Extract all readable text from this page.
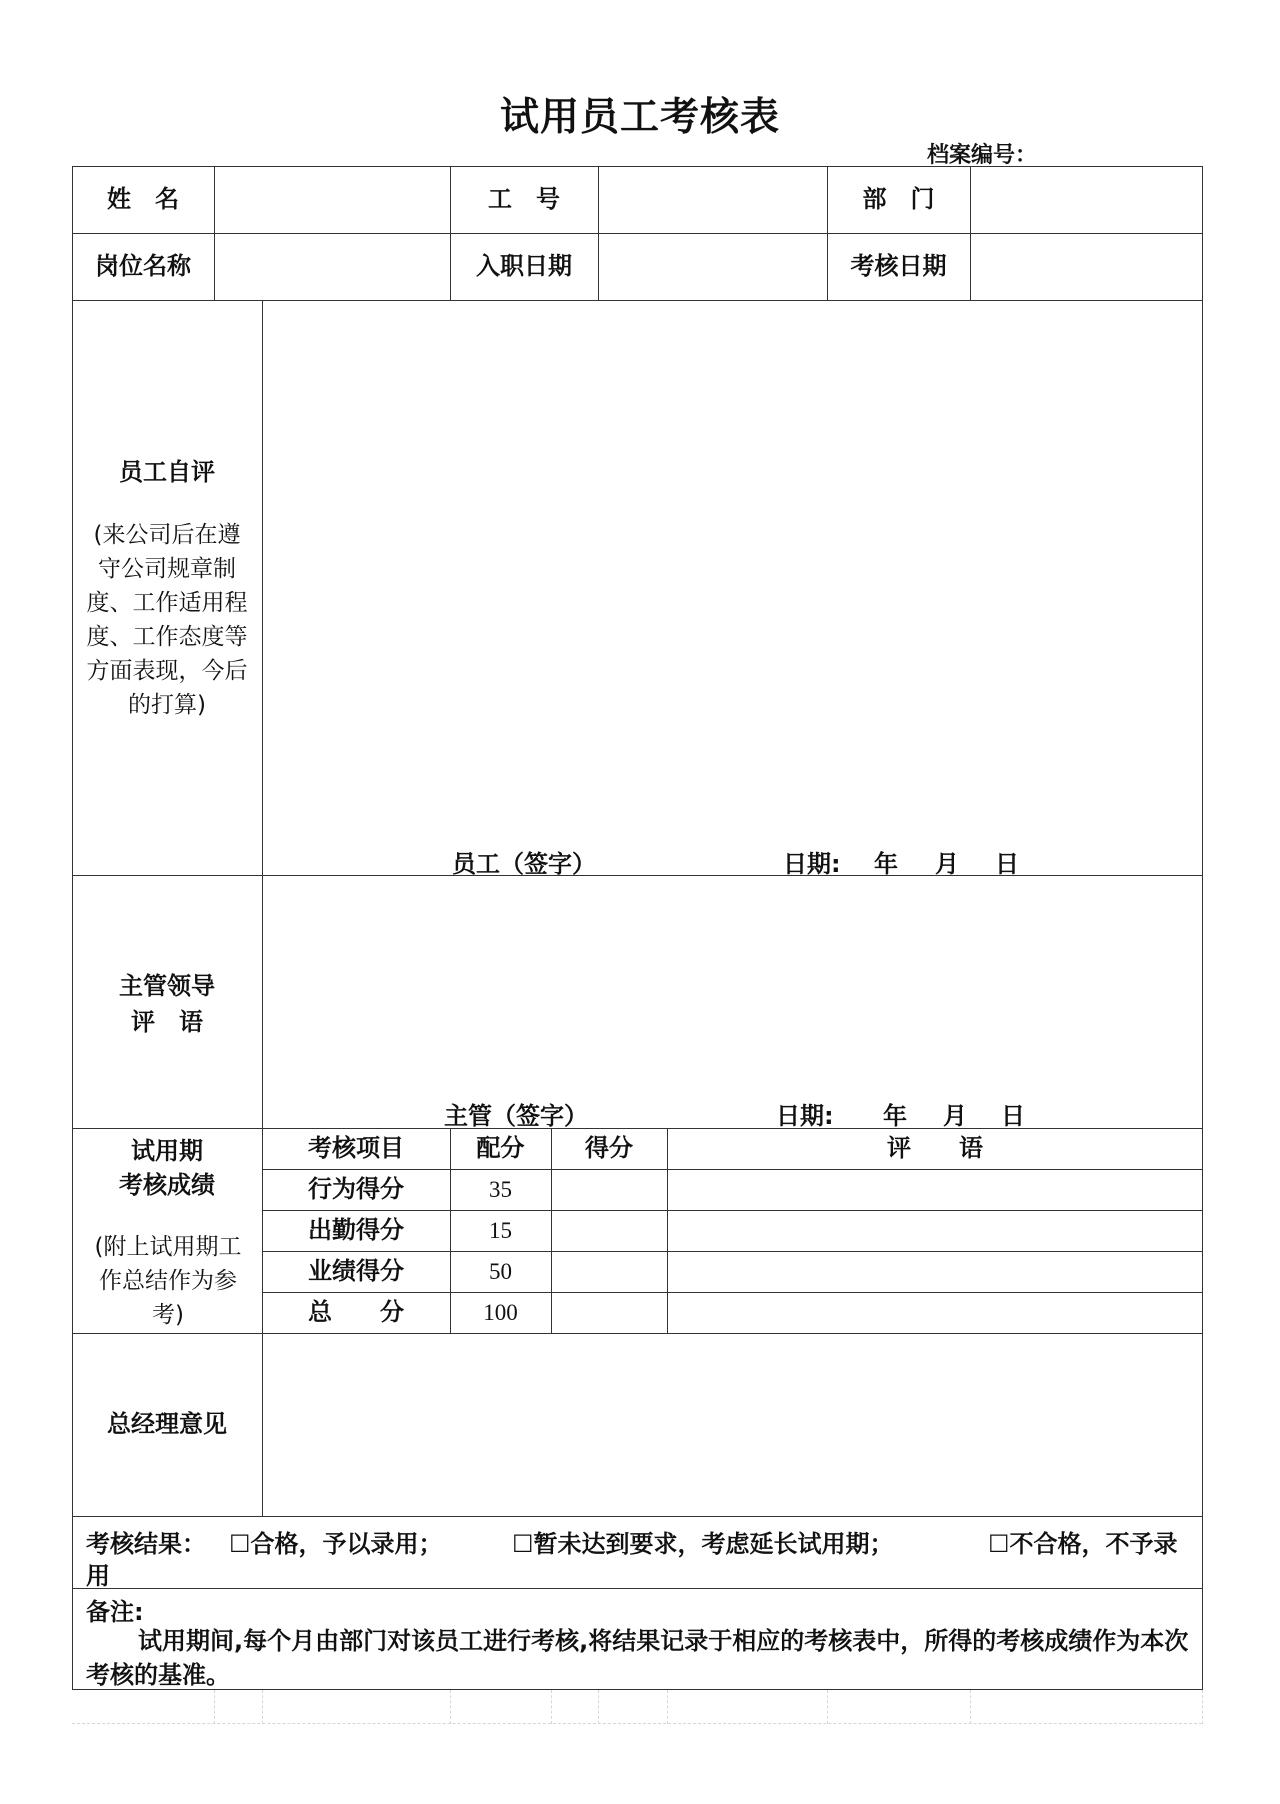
试用员工考核表
档案编号：
姓　名	工　号	部　门
岗位名称	入职日期	考核日期
员工自评
(来公司后在遵守公司规章制度、工作适用程度、工作态度等方面表现，今后的打算)
员工（签字）	日期: 年 月 日
主管领导
评　语
主管（签字）	日期: 年 月 日
试用期
考核成绩
(附上试用期工作总结作为参考)
考核项目	配分	得分	评　　语
行为得分	35
出勤得分	15
业绩得分	50
总　　分	100
总经理意见
考核结果： ☐合格，予以录用；	☐暂未达到要求，考虑延长试用期；	☐不合格，不予录
用
备注:
试用期间,每个月由部门对该员工进行考核,将结果记录于相应的考核表中，所得的考核成绩作为本次考核的基准。
